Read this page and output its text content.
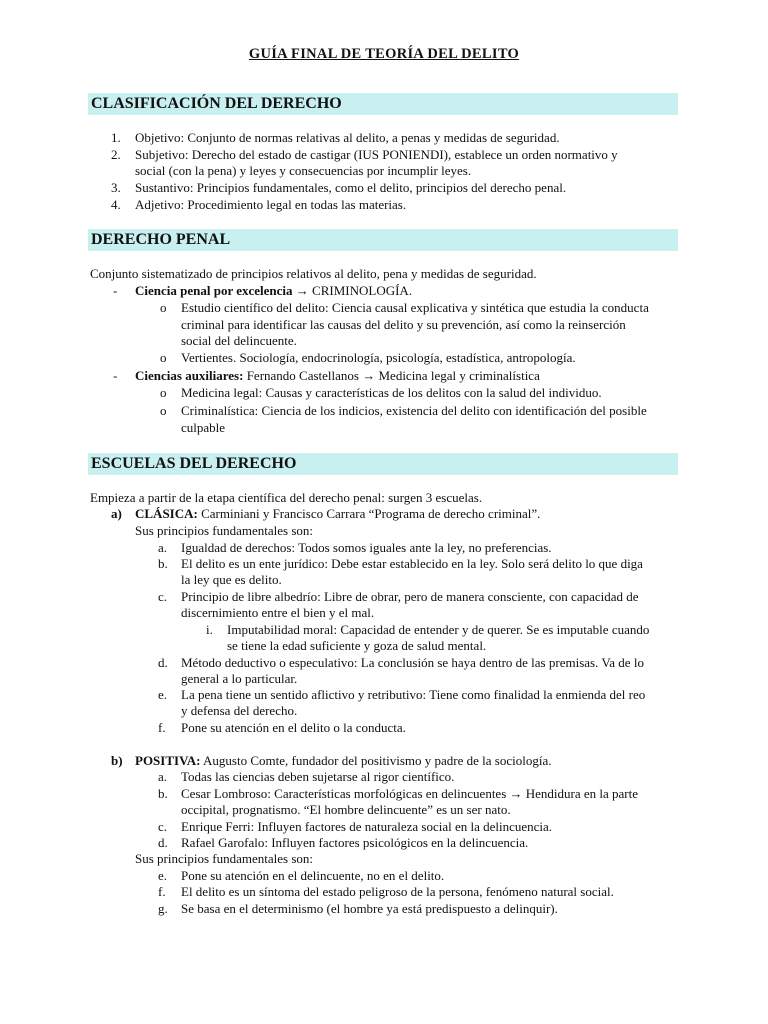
GUÍA FINAL DE TEORÍA DEL DELITO
CLASIFICACIÓN DEL DERECHO
1. Objetivo: Conjunto de normas relativas al delito, a penas y medidas de seguridad.
2. Subjetivo: Derecho del estado de castigar (IUS PONIENDI), establece un orden normativo y
social (con la pena) y leyes y consecuencias por incumplir leyes.
3. Sustantivo: Principios fundamentales, como el delito, principios del derecho penal.
4. Adjetivo: Procedimiento legal en todas las materias.
DERECHO PENAL
Conjunto sistematizado de principios relativos al delito, pena y medidas de seguridad.
- Ciencia penal por excelencia → CRIMINOLOGÍA.
o Estudio científico del delito: Ciencia causal explicativa y sintética que estudia la conducta
criminal para identificar las causas del delito y su prevención, así como la reinserción
social del delincuente.
o Vertientes. Sociología, endocrinología, psicología, estadística, antropología.
- Ciencias auxiliares: Fernando Castellanos → Medicina legal y criminalística
o Medicina legal: Causas y características de los delitos con la salud del individuo.
o Criminalística: Ciencia de los indicios, existencia del delito con identificación del posible
culpable
ESCUELAS DEL DERECHO
Empieza a partir de la etapa científica del derecho penal: surgen 3 escuelas.
a) CLÁSICA: Carminiani y Francisco Carrara “Programa de derecho criminal”.
Sus principios fundamentales son:
a. Igualdad de derechos: Todos somos iguales ante la ley, no preferencias.
b. El delito es un ente jurídico: Debe estar establecido en la ley. Solo será delito lo que diga
la ley que es delito.
c. Principio de libre albedrío: Libre de obrar, pero de manera consciente, con capacidad de
discernimiento entre el bien y el mal.
i. Imputabilidad moral: Capacidad de entender y de querer. Se es imputable cuando
se tiene la edad suficiente y goza de salud mental.
d. Método deductivo o especulativo: La conclusión se haya dentro de las premisas. Va de lo
general a lo particular.
e. La pena tiene un sentido aflictivo y retributivo: Tiene como finalidad la enmienda del reo
y defensa del derecho.
f. Pone su atención en el delito o la conducta.
b) POSITIVA: Augusto Comte, fundador del positivismo y padre de la sociología.
a. Todas las ciencias deben sujetarse al rigor científico.
b. Cesar Lombroso: Características morfológicas en delincuentes → Hendidura en la parte
occipital, prognatismo. “El hombre delincuente” es un ser nato.
c. Enrique Ferri: Influyen factores de naturaleza social en la delincuencia.
d. Rafael Garofalo: Influyen factores psicológicos en la delincuencia.
Sus principios fundamentales son:
e. Pone su atención en el delincuente, no en el delito.
f. El delito es un síntoma del estado peligroso de la persona, fenómeno natural social.
g. Se basa en el determinismo (el hombre ya está predispuesto a delinquir).
